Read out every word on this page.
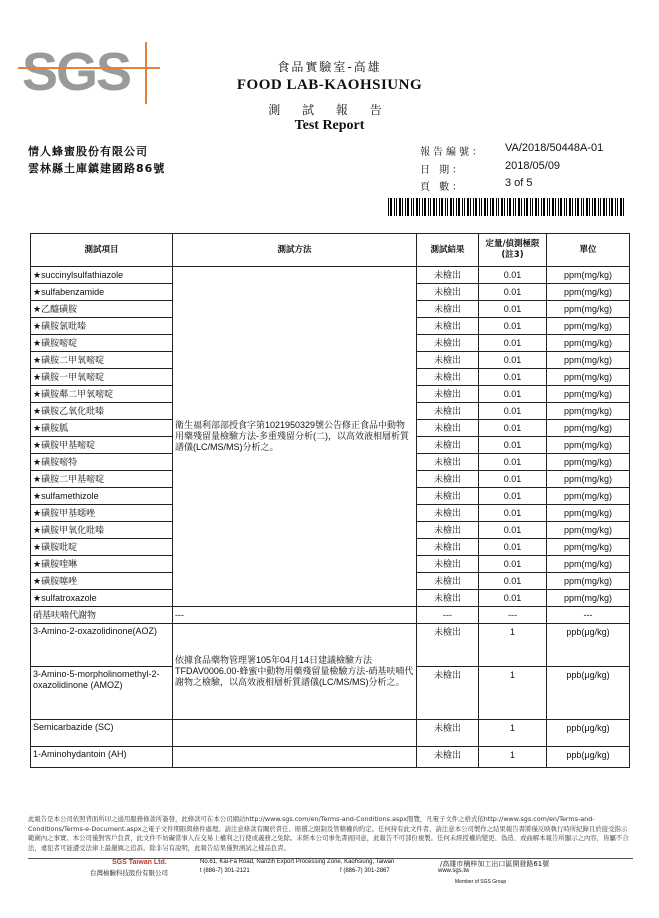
SGS	食品實驗室-高雄
FOOD LAB-KAOHSIUNG
測 試 報 告
Test Report
情人蜂蜜股份有限公司
雲林縣土庫鎮建國路86號
報告編號： VA/2018/50448A-01
日 期：	2018/05/09
頁 數：	3 of 5
測試項目	測試方法	測試結果	定量/偵測極限(註3)	單位
★succinylsulfathiazole	衛生福利部部授食字第1021950329號公告修正食品中動物用藥殘留量檢驗方法-多重殘留分析(二)，以高效液相層析質譜儀(LC/MS/MS)分析之。	未檢出	0.01	ppm(mg/kg)
★sulfabenzamide		未檢出	0.01	ppm(mg/kg)
★乙醯磺胺		未檢出	0.01	ppm(mg/kg)
★磺胺氯吡嗪		未檢出	0.01	ppm(mg/kg)
★磺胺嘧啶		未檢出	0.01	ppm(mg/kg)
★磺胺二甲氧嘧啶		未檢出	0.01	ppm(mg/kg)
★磺胺一甲氧嘧啶		未檢出	0.01	ppm(mg/kg)
★磺胺鄰二甲氧嘧啶		未檢出	0.01	ppm(mg/kg)
★磺胺乙氧化吡嗪		未檢出	0.01	ppm(mg/kg)
★磺胺胍		未檢出	0.01	ppm(mg/kg)
★磺胺甲基嘧啶		未檢出	0.01	ppm(mg/kg)
★磺胺嘧特		未檢出	0.01	ppm(mg/kg)
★磺胺二甲基嘧啶		未檢出	0.01	ppm(mg/kg)
★sulfamethizole		未檢出	0.01	ppm(mg/kg)
★磺胺甲基噁唑		未檢出	0.01	ppm(mg/kg)
★磺胺甲氧化吡嗪		未檢出	0.01	ppm(mg/kg)
★磺胺吡啶		未檢出	0.01	ppm(mg/kg)
★磺胺喹啉		未檢出	0.01	ppm(mg/kg)
★磺胺噻唑		未檢出	0.01	ppm(mg/kg)
★sulfatroxazole		未檢出	0.01	ppm(mg/kg)
硝基呋喃代謝物	---	---	---	---
3-Amino-2-oxazolidinone(AOZ)	依據食品藥物管理署105年04月14日建議檢驗方法TFDAV0006.00-蜂蜜中動物用藥殘留量檢驗方法-硝基呋喃代謝物之檢驗，以高效液相層析質譜儀(LC/MS/MS)分析之。	未檢出	1	ppb(μg/kg)
3-Amino-5-morpholinomethyl-2-oxazolidinone (AMOZ)		未檢出	1	ppb(μg/kg)
Semicarbazide (SC)		未檢出	1	ppb(μg/kg)
1-Aminohydantoin (AH)		未檢出	1	ppb(μg/kg)
此報告是本公司依照背面所印之通用服務條款所簽發，此條款可在本公司網站http://www.sgs.com/en/Terms-and-Conditions.aspx閱覽，凡電子文件之格式依http://www.sgs.com/en/Terms-and-Conditions/Terms-e-Document.aspx之電子文件期限與條件處理。請注意條款有關於責任、賠償之限制及管轄權的約定。任何持有此文件者，請注意本公司製作之結果報告書將僅反映執行時所紀錄且於接受指示範圍內之事實。本公司僅對客戶負責，此文件不妨礙當事人在交易上權利之行使或義務之免除。未經本公司事先書面同意，此報告不可部份複製。任何未經授權的變更、偽造、或曲解本報告所顯示之內容，皆屬不合法，違犯者可能遭受法律上最嚴厲之追訴。除非另有說明，此報告結果僅對測試之樣品負責。
SGS Taiwan Ltd.
台灣檢驗科技股份有限公司
No.61, Kai-Fa Road, Nanzih Export Processing Zone, Kaohsiung, Taiwan
t (886-7) 301-2121	f (886-7) 301-2867
/高雄市楠梓加工出口區開發路61號
www.sgs.tw
Member of SGS Group
